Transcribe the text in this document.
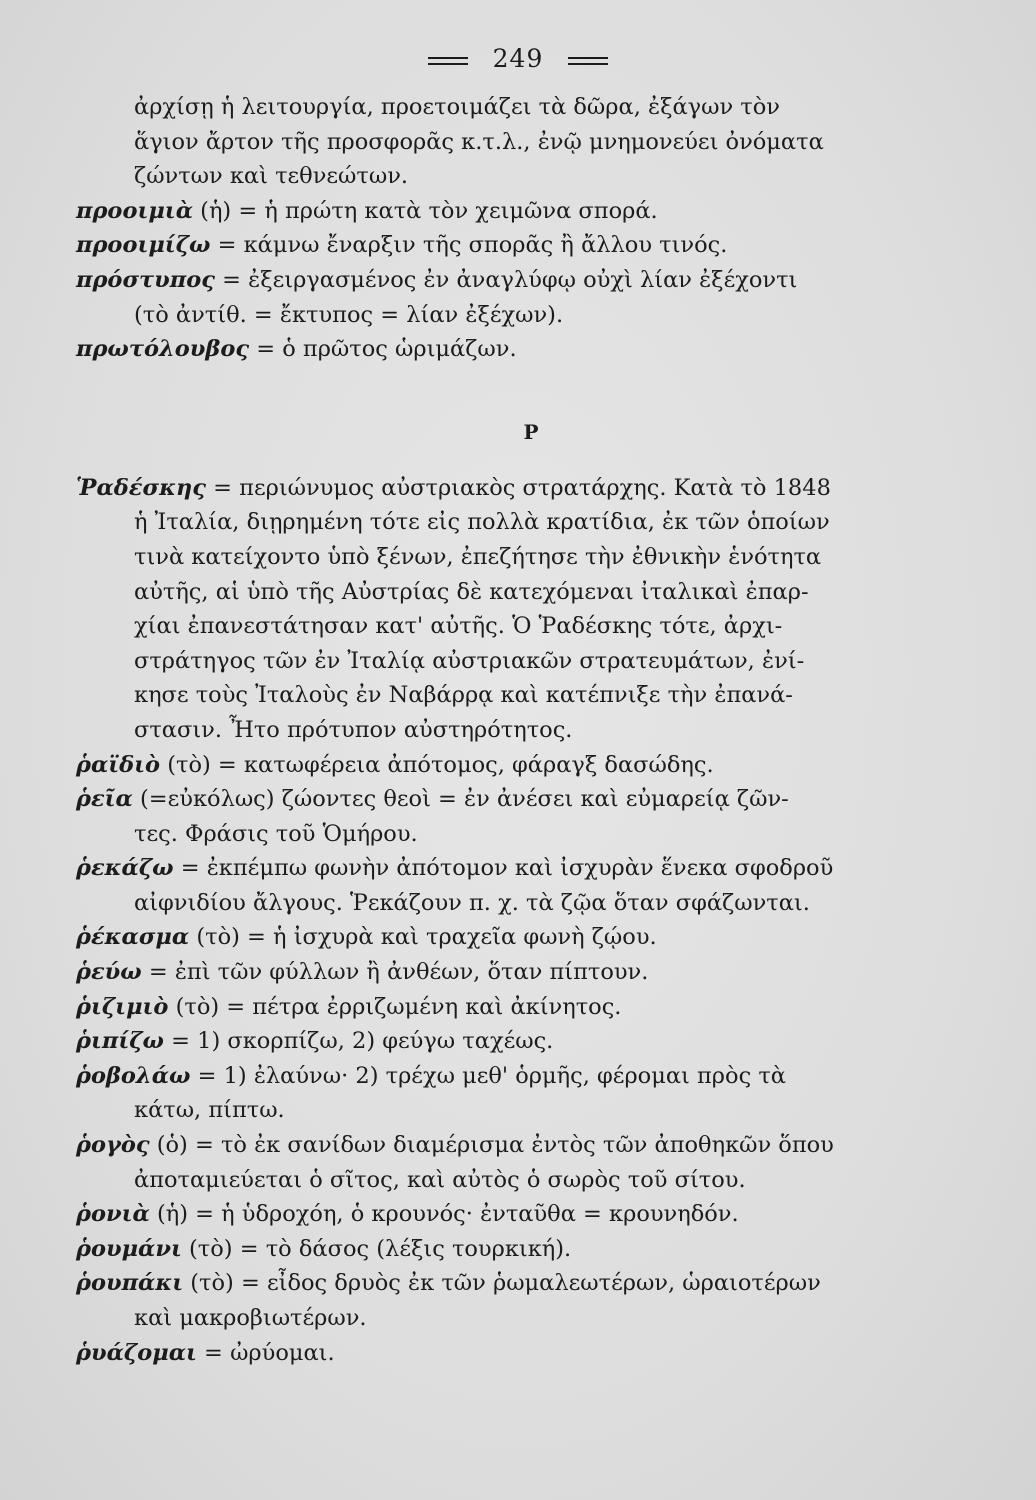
249
ἀρχίσῃ ἡ λειτουργία, προετοιμάζει τὰ δῶρα, ἐξάγων τὸν
ἅγιον ἄρτον τῆς προσφορᾶς κ.τ.λ., ἐνῷ μνημονεύει ὀνόματα
ζώντων καὶ τεθνεώτων.
προοιμιὰ (ἡ) = ἡ πρώτη κατὰ τὸν χειμῶνα σπορά.
προοιμίζω = κάμνω ἔναρξιν τῆς σπορᾶς ἢ ἄλλου τινός.
πρόστυπος = ἐξειργασμένος ἐν ἀναγλύφῳ οὐχὶ λίαν ἐξέχοντι
(τὸ ἀντίθ. = ἔκτυπος = λίαν ἐξέχων).
πρωτόλουβος = ὁ πρῶτος ὡριμάζων.
Ρ
Ῥαδέσκης = περιώνυμος αὐστριακὸς στρατάρχης. Κατὰ τὸ 1848
ἡ Ἰταλία, διῃρημένη τότε εἰς πολλὰ κρατίδια, ἐκ τῶν ὁποίων
τινὰ κατείχοντο ὑπὸ ξένων, ἐπεζήτησε τὴν ἐθνικὴν ἑνότητα
αὐτῆς, αἱ ὑπὸ τῆς Αὐστρίας δὲ κατεχόμεναι ἰταλικαὶ ἐπαρ-
χίαι ἐπανεστάτησαν κατ' αὐτῆς. Ὁ Ῥαδέσκης τότε, ἀρχι-
στράτηγος τῶν ἐν Ἰταλίᾳ αὐστριακῶν στρατευμάτων, ἐνί-
κησε τοὺς Ἰταλοὺς ἐν Ναβάρρᾳ καὶ κατέπνιξε τὴν ἐπανά-
στασιν. Ἦτο πρότυπον αὐστηρότητος.
ῥαϊδιὸ (τὸ) = κατωφέρεια ἀπότομος, φάραγξ δασώδης.
ῥεῖα (=εὐκόλως) ζώοντες θεοὶ = ἐν ἀνέσει καὶ εὐμαρείᾳ ζῶν-
τες. Φράσις τοῦ Ὁμήρου.
ῥεκάζω = ἐκπέμπω φωνὴν ἀπότομον καὶ ἰσχυρὰν ἕνεκα σφοδροῦ
αἰφνιδίου ἄλγους. Ῥεκάζουν π. χ. τὰ ζῷα ὅταν σφάζωνται.
ῥέκασμα (τὸ) = ἡ ἰσχυρὰ καὶ τραχεῖα φωνὴ ζῴου.
ῥεύω = ἐπὶ τῶν φύλλων ἢ ἀνθέων, ὅταν πίπτουν.
ῥιζιμιὸ (τὸ) = πέτρα ἐρριζωμένη καὶ ἀκίνητος.
ῥιπίζω = 1) σκορπίζω, 2) φεύγω ταχέως.
ῥοβολάω = 1) ἐλαύνω· 2) τρέχω μεθ' ὁρμῆς, φέρομαι πρὸς τὰ
κάτω, πίπτω.
ῥογὸς (ὁ) = τὸ ἐκ σανίδων διαμέρισμα ἐντὸς τῶν ἀποθηκῶν ὅπου
ἀποταμιεύεται ὁ σῖτος, καὶ αὐτὸς ὁ σωρὸς τοῦ σίτου.
ῥονιὰ (ἡ) = ἡ ὑδροχόη, ὁ κρουνός· ἐνταῦθα = κρουνηδόν.
ῥουμάνι (τὸ) = τὸ δάσος (λέξις τουρκική).
ῥουπάκι (τὸ) = εἶδος δρυὸς ἐκ τῶν ῥωμαλεωτέρων, ὡραιοτέρων
καὶ μακροβιωτέρων.
ῥυάζομαι = ὠρύομαι.
